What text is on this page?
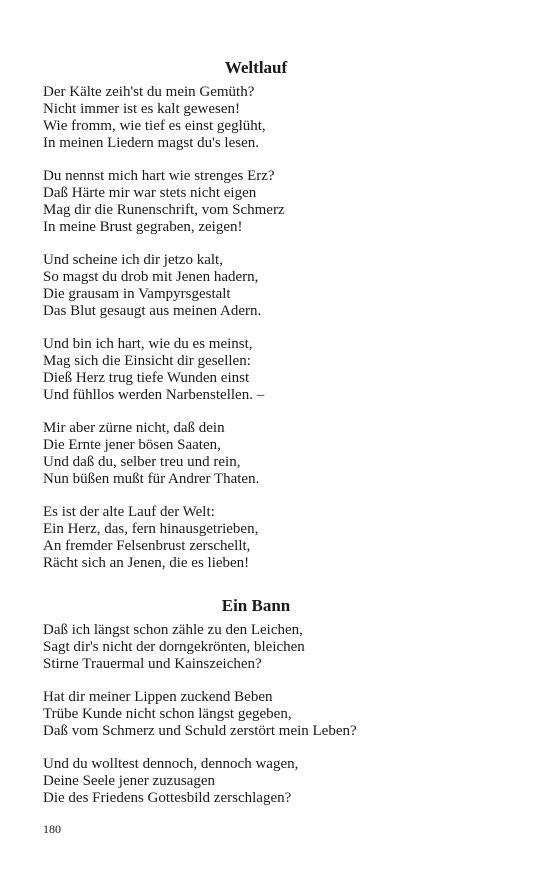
Weltlauf
Der Kälte zeih'st du mein Gemüth?
Nicht immer ist es kalt gewesen!
Wie fromm, wie tief es einst geglüht,
In meinen Liedern magst du's lesen.
Du nennst mich hart wie strenges Erz?
Daß Härte mir war stets nicht eigen
Mag dir die Runenschrift, vom Schmerz
In meine Brust gegraben, zeigen!
Und scheine ich dir jetzo kalt,
So magst du drob mit Jenen hadern,
Die grausam in Vampyrsgestalt
Das Blut gesaugt aus meinen Adern.
Und bin ich hart, wie du es meinst,
Mag sich die Einsicht dir gesellen:
Dieß Herz trug tiefe Wunden einst
Und fühllos werden Narbenstellen. –
Mir aber zürne nicht, daß dein
Die Ernte jener bösen Saaten,
Und daß du, selber treu und rein,
Nun büßen mußt für Andrer Thaten.
Es ist der alte Lauf der Welt:
Ein Herz, das, fern hinausgetrieben,
An fremder Felsenbrust zerschellt,
Rächt sich an Jenen, die es lieben!
Ein Bann
Daß ich längst schon zähle zu den Leichen,
Sagt dir's nicht der dorngekrönten, bleichen
Stirne Trauermal und Kainszeichen?
Hat dir meiner Lippen zuckend Beben
Trübe Kunde nicht schon längst gegeben,
Daß vom Schmerz und Schuld zerstört mein Leben?
Und du wolltest dennoch, dennoch wagen,
Deine Seele jener zuzusagen
Die des Friedens Gottesbild zerschlagen?
180
